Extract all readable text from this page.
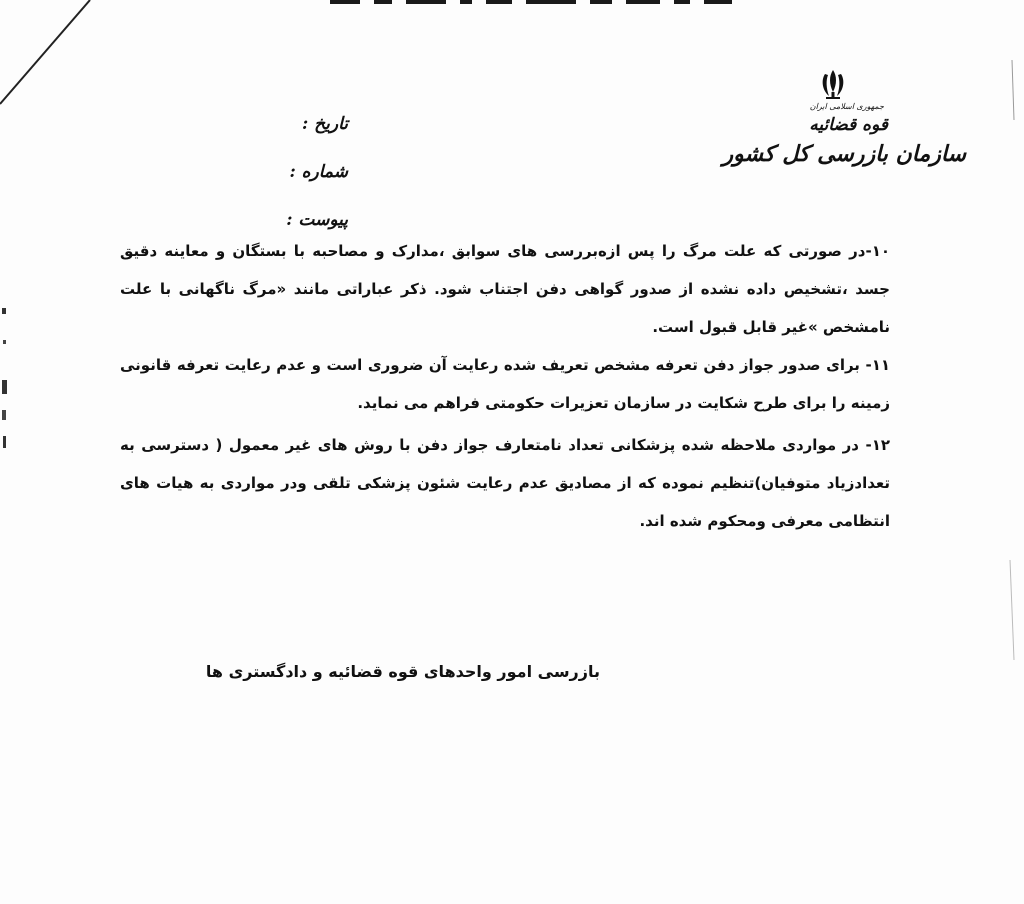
تاریخ :
شماره :
پیوست :
جمهوری اسلامی ایران
قوه قضائیه
سازمان بازرسی کل کشور

۱۰-در صورتی که علت مرگ را پس ازه‌بررسی های سوابق ،مدارک و مصاحبه با بستگان و معاینه دقیق جسد ،تشخیص داده نشده از صدور گواهی دفن اجتناب شود. ذکر عباراتی مانند «مرگ ناگهانی با علت نامشخص »غیر قابل قبول است.

۱۱- برای صدور جواز دفن تعرفه مشخص تعریف شده رعایت آن ضروری است و عدم رعایت تعرفه قانونی زمینه را برای طرح شکایت در سازمان تعزیرات حکومتی فراهم می نماید.

۱۲- در مواردی ملاحظه شده پزشکانی تعداد نامتعارف جواز دفن با روش های غیر معمول ( دسترسی به تعدادزیاد متوفیان)تنظیم نموده که از مصادیق عدم رعایت شئون پزشکی تلقی ودر مواردی به هیات های انتظامی معرفی ومحکوم شده اند.

بازرسی امور واحدهای قوه قضائیه و دادگستری ها
